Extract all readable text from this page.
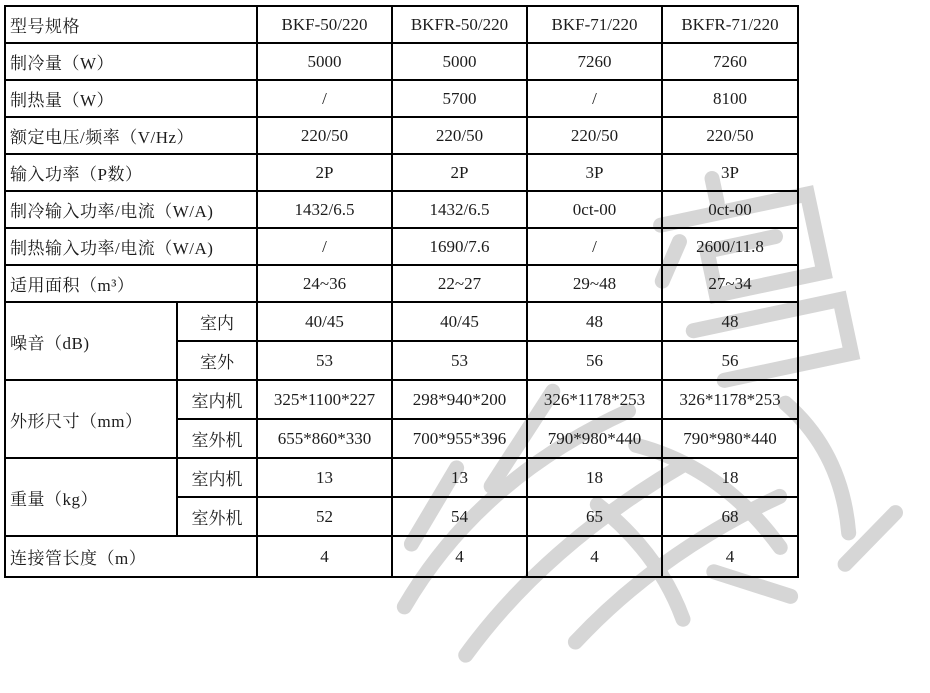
型号规格		BKF-50/220	BKFR-50/220	BKF-71/220	BKFR-71/220
制冷量（W）		5000	5000	7260	7260
制热量（W）		/	5700	/	8100
额定电压/频率（V/Hz）		220/50	220/50	220/50	220/50
输入功率（P数）		2P	2P	3P	3P
制冷输入功率/电流（W/A)		1432/6.5	1432/6.5	0ct-00	0ct-00
制热输入功率/电流（W/A)		/	1690/7.6	/	2600/11.8
适用面积（m³）		24~36	22~27	29~48	27~34
噪音（dB)	室内	40/45	40/45	48	48
	室外	53	53	56	56
外形尺寸（mm）	室内机	325*1100*227	298*940*200	326*1178*253	326*1178*253
	室外机	655*860*330	700*955*396	790*980*440	790*980*440
重量（kg）	室内机	13	13	18	18
	室外机	52	54	65	68
连接管长度（m）		4	4	4	4
